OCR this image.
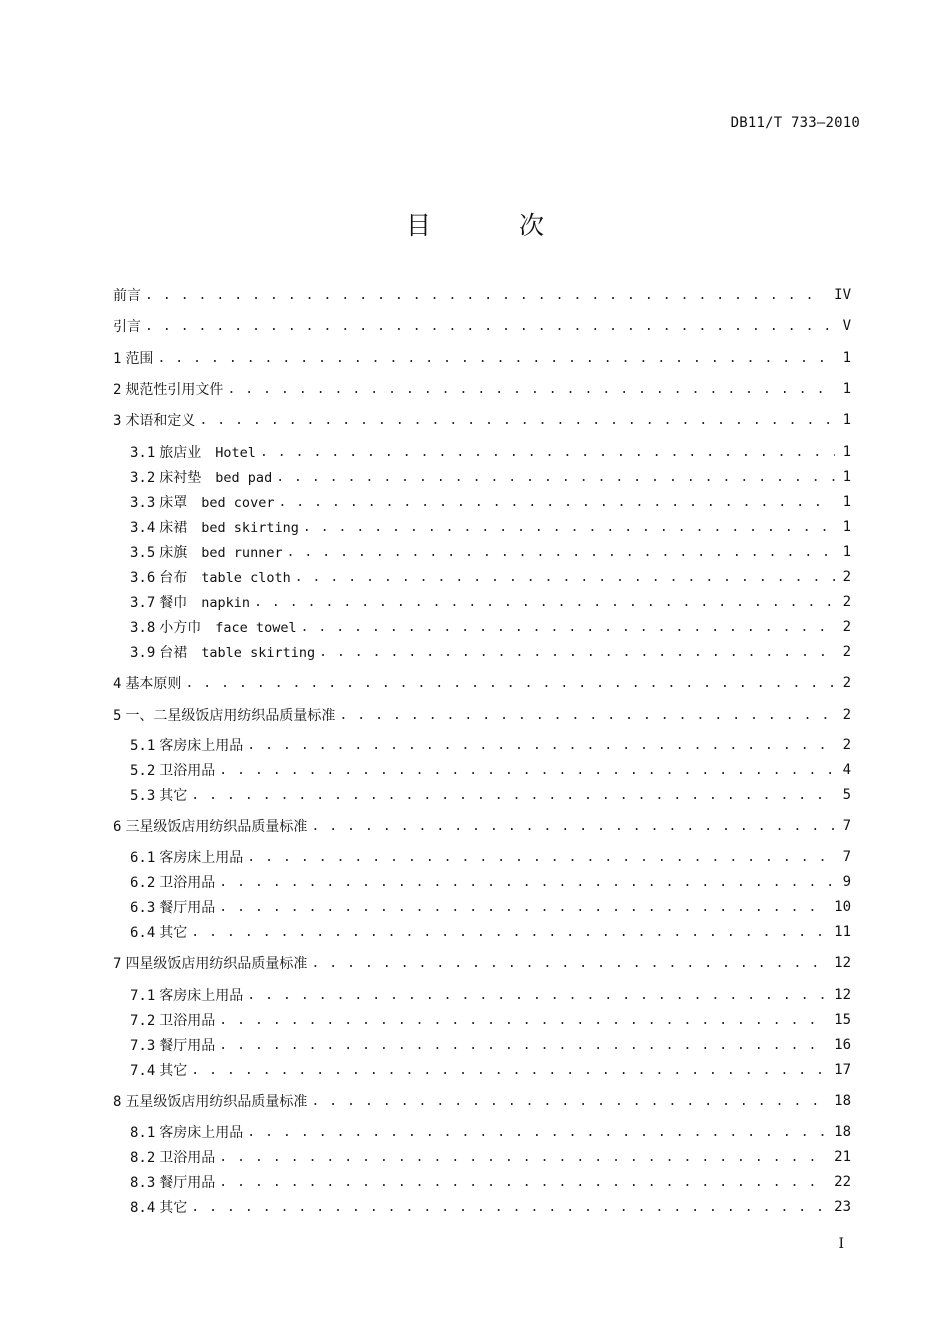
DB11/T 733—2010
目 次
前言 . . .	IV
引言 . . .	V
1 范围 . . .	1
2 规范性引用文件 . . .	1
3 术语和定义 . . .	1
3.1 旅店业 Hotel . . .	1
3.2 床衬垫 bed pad . . .	1
3.3 床罩 bed cover . . .	1
3.4 床裙 bed skirting . . .	1
3.5 床旗 bed runner . . .	1
3.6 台布 table cloth . . .	2
3.7 餐巾 napkin . . .	2
3.8 小方巾 face towel . . .	2
3.9 台裙 table skirting . . .	2
4 基本原则 . . .	2
5 一、二星级饭店用纺织品质量标准 . . .	2
5.1 客房床上用品 . . .	2
5.2 卫浴用品 . . .	4
5.3 其它 . . .	5
6 三星级饭店用纺织品质量标准 . . .	7
6.1 客房床上用品 . . .	7
6.2 卫浴用品 . . .	9
6.3 餐厅用品 . . .	10
6.4 其它 . . .	11
7 四星级饭店用纺织品质量标准 . . .	12
7.1 客房床上用品 . . .	12
7.2 卫浴用品 . . .	15
7.3 餐厅用品 . . .	16
7.4 其它 . . .	17
8 五星级饭店用纺织品质量标准 . . .	18
8.1 客房床上用品 . . .	18
8.2 卫浴用品 . . .	21
8.3 餐厅用品 . . .	22
8.4 其它 . . .	23
I
